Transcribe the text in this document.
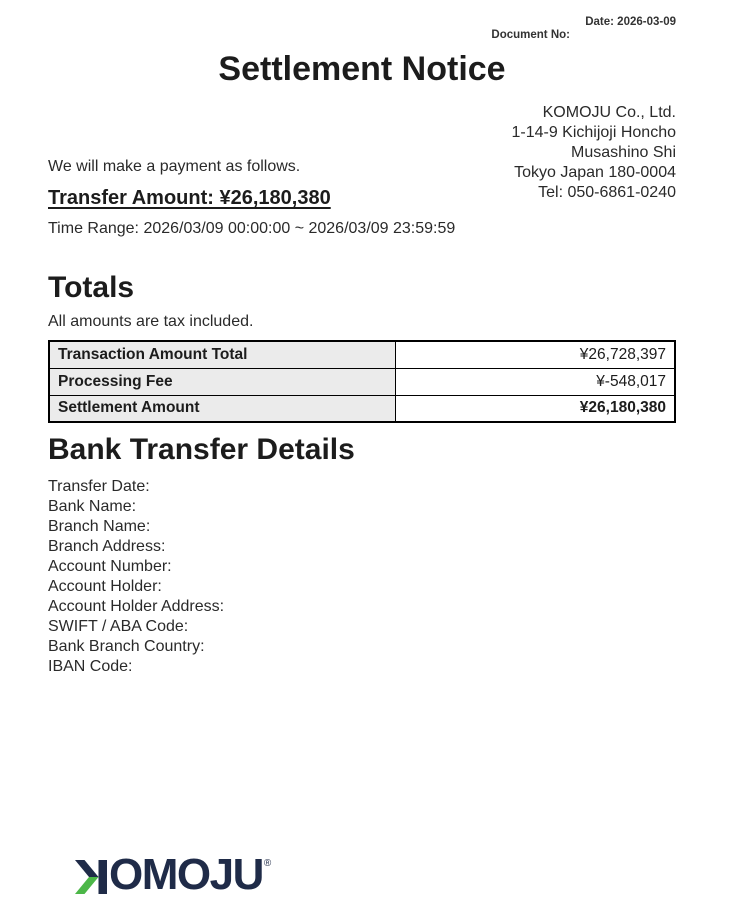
Date: 2026-03-09
Document No:
Settlement Notice
We will make a payment as follows.
Transfer Amount: ¥26,180,380
Time Range: 2026/03/09 00:00:00 ~ 2026/03/09 23:59:59
KOMOJU Co., Ltd.
1-14-9 Kichijoji Honcho
Musashino Shi
Tokyo Japan 180-0004
Tel: 050-6861-0240
Totals
All amounts are tax included.
Transaction Amount Total	¥26,728,397
Processing Fee	¥-548,017
Settlement Amount	¥26,180,380
Bank Transfer Details
Transfer Date:
Bank Name:
Branch Name:
Branch Address:
Account Number:
Account Holder:
Account Holder Address:
SWIFT / ABA Code:
Bank Branch Country:
IBAN Code:
OMOJU ®
